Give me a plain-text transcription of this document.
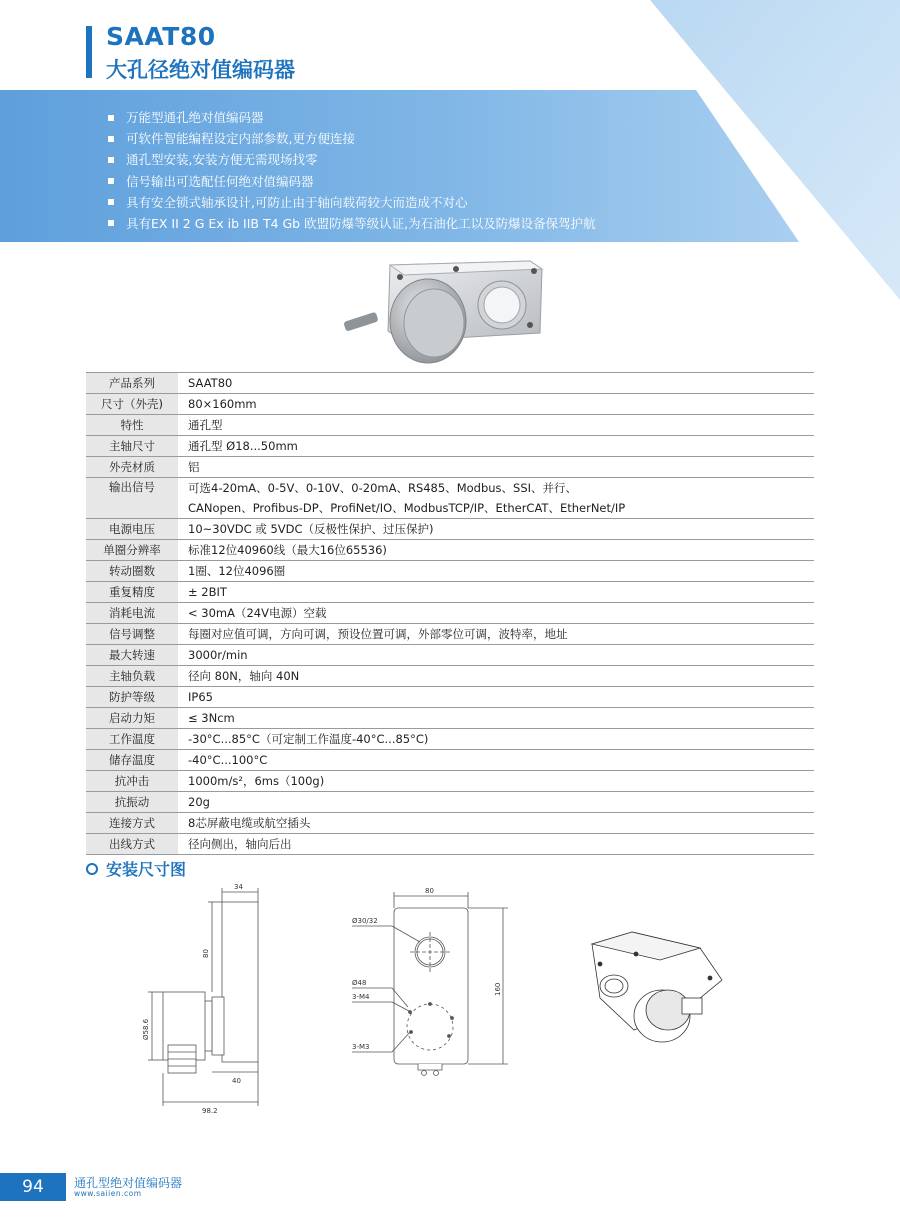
SAAT80
大孔径绝对值编码器
万能型通孔绝对值编码器
可软件智能编程设定内部参数,更方便连接
通孔型安装,安装方便无需现场找零
信号输出可选配任何绝对值编码器
具有安全锁式轴承设计,可防止由于轴向载荷较大而造成不对心
具有EX II 2 G Ex ib IIB T4 Gb 欧盟防爆等级认证,为石油化工以及防爆设备保驾护航
产品系列	SAAT80
尺寸（外壳)	80×160mm
特性	通孔型
主轴尺寸	通孔型 Ø18...50mm
外壳材质	铝
输出信号	可选4-20mA、0-5V、0-10V、0-20mA、RS485、Modbus、SSI、并行、
CANopen、Profibus-DP、ProfiNet/IO、ModbusTCP/IP、EtherCAT、EtherNet/IP

电源电压	10~30VDC 或 5VDC（反极性保护、过压保护)
单圈分辨率	标准12位40960线（最大16位65536)
转动圈数	1圈、12位4096圈
重复精度	± 2BIT
消耗电流	< 30mA（24V电源）空载
信号调整	每圈对应值可调，方向可调，预设位置可调，外部零位可调，波特率，地址
最大转速	3000r/min
主轴负载	径向 80N，轴向 40N
防护等级	IP65
启动力矩	≤ 3Ncm
工作温度	-30°C...85°C（可定制工作温度-40°C...85°C)
储存温度	-40°C...100°C
抗冲击	1000m/s²，6ms（100g)
抗振动	20g
连接方式	8芯屏蔽电缆或航空插头
出线方式	径向侧出，轴向后出
安装尺寸图
34
80
Ø58.6
40
98.2
80
Ø30/32
Ø48
3-M4
3-M3
160
94	通孔型绝对值编码器
www.saiien.com
